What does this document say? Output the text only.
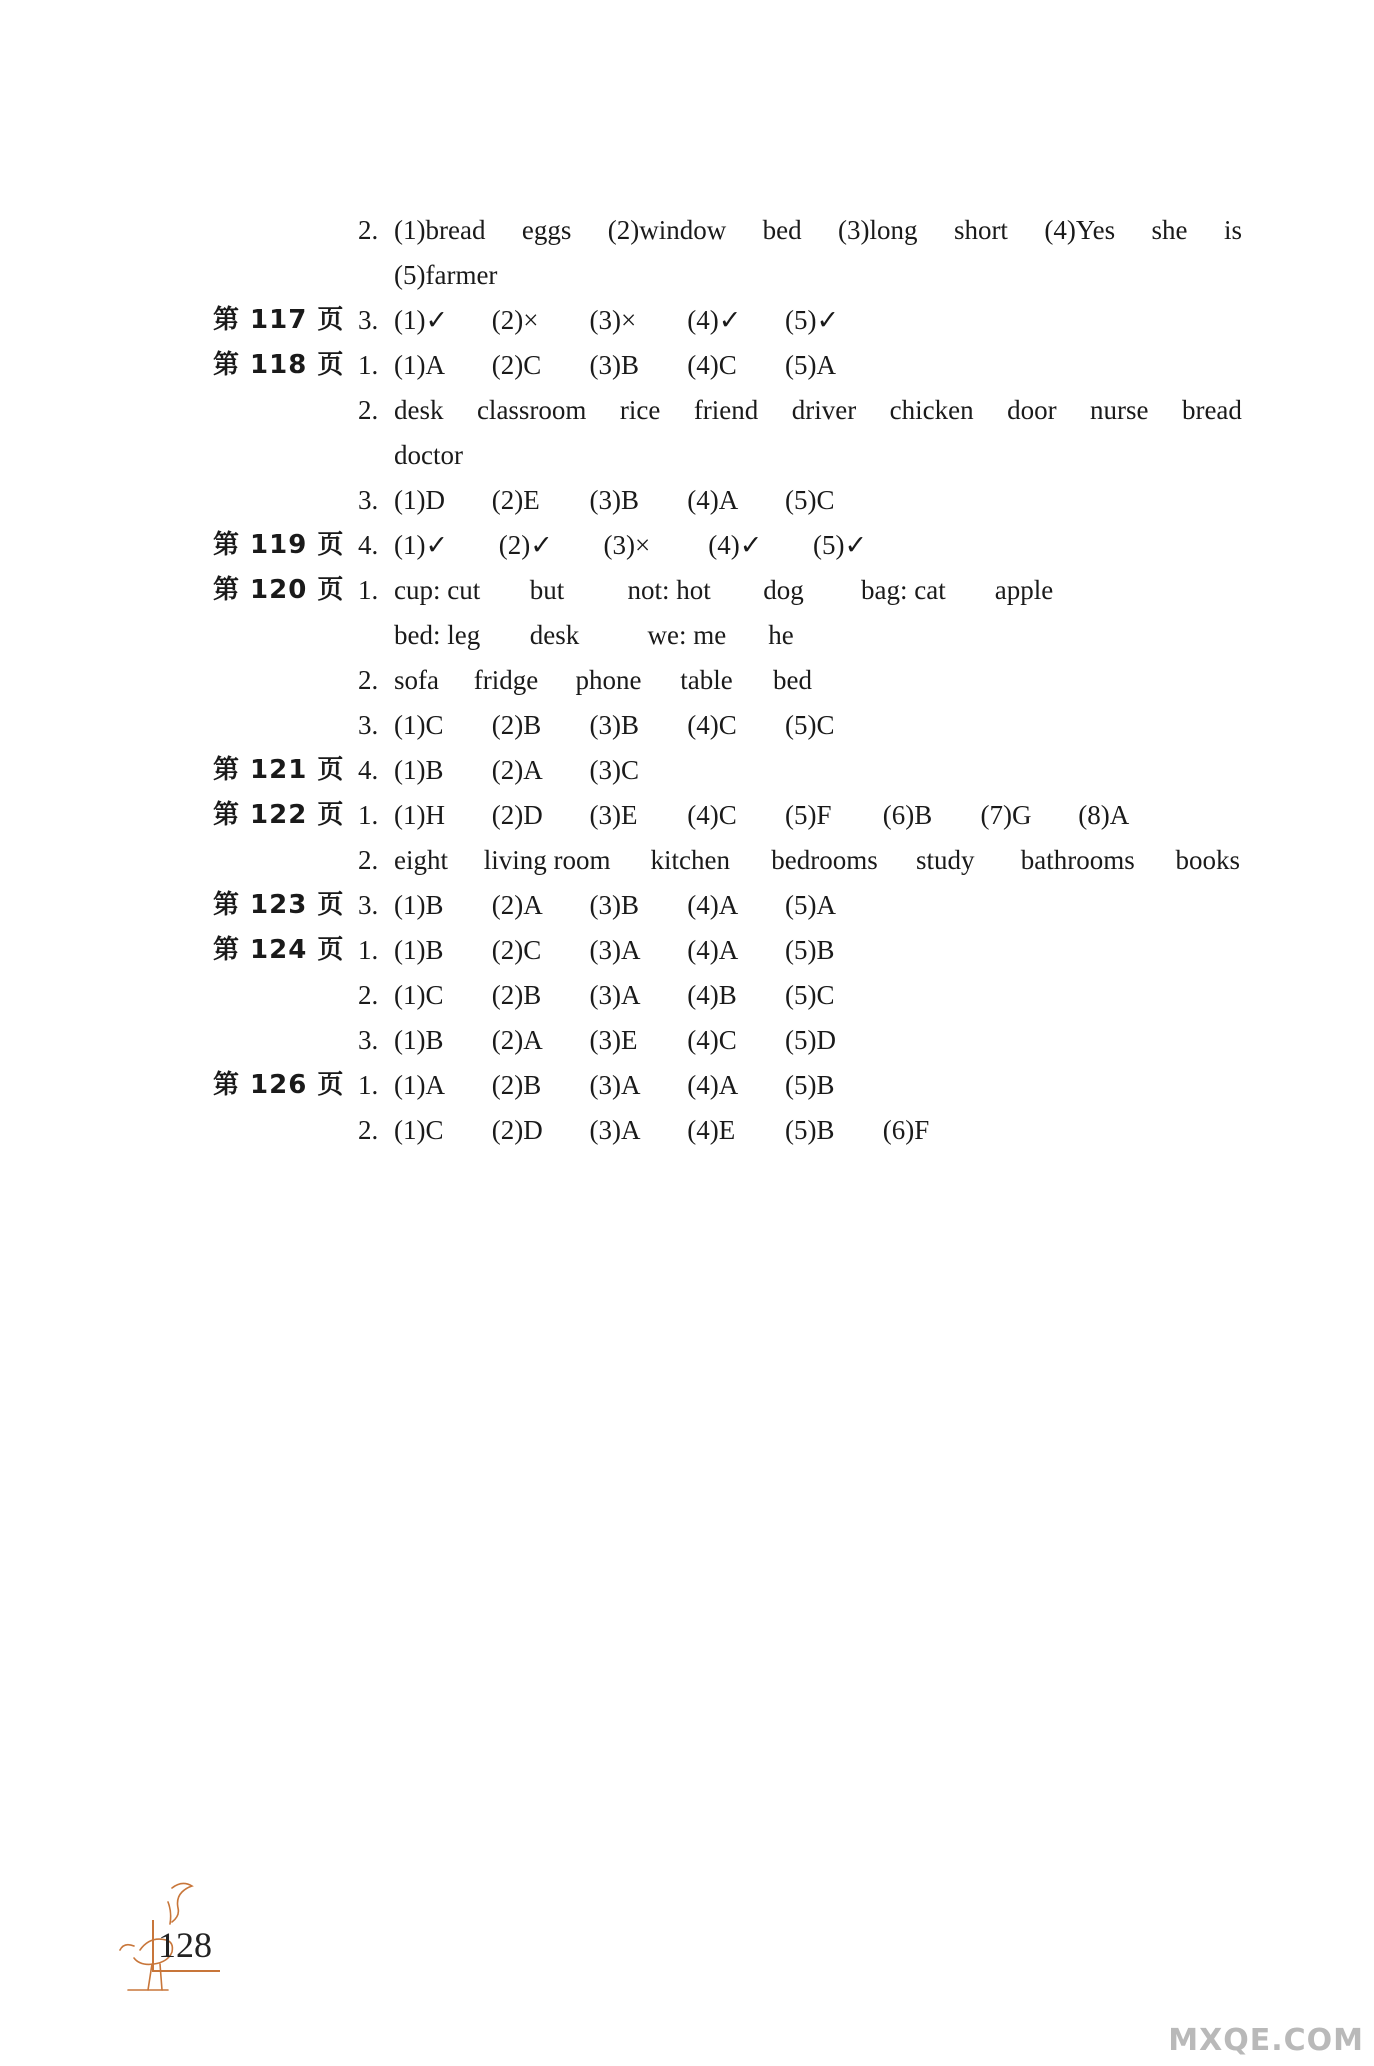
2. (1)bread eggs (2)window bed (3)long short (4)Yes she is
(5)farmer
第 117 页 3. (1)✓ (2)× (3)× (4)✓ (5)✓
第 118 页 1. (1)A (2)C (3)B (4)C (5)A
2. desk classroom rice friend driver chicken door nurse bread
doctor
3. (1)D (2)E (3)B (4)A (5)C
第 119 页 4. (1)✓ (2)✓ (3)× (4)✓ (5)✓
第 120 页 1. cup: cut but not: hot dog bag: cat apple
bed: leg desk	we: me he
2. sofa fridge phone table bed
3. (1)C (2)B (3)B (4)C (5)C
第 121 页 4. (1)B (2)A (3)C
第 122 页 1. (1)H (2)D (3)E (4)C (5)F (6)B (7)G (8)A
2. eight living room kitchen bedrooms study bathrooms books
第 123 页 3. (1)B (2)A (3)B (4)A (5)A
第 124 页 1. (1)B (2)C (3)A (4)A (5)B
2. (1)C (2)B (3)A (4)B (5)C
3. (1)B (2)A (3)E (4)C (5)D
第 126 页 1. (1)A (2)B (3)A (4)A (5)B
2. (1)C (2)D (3)A (4)E (5)B (6)F
128
MXQE.COM
